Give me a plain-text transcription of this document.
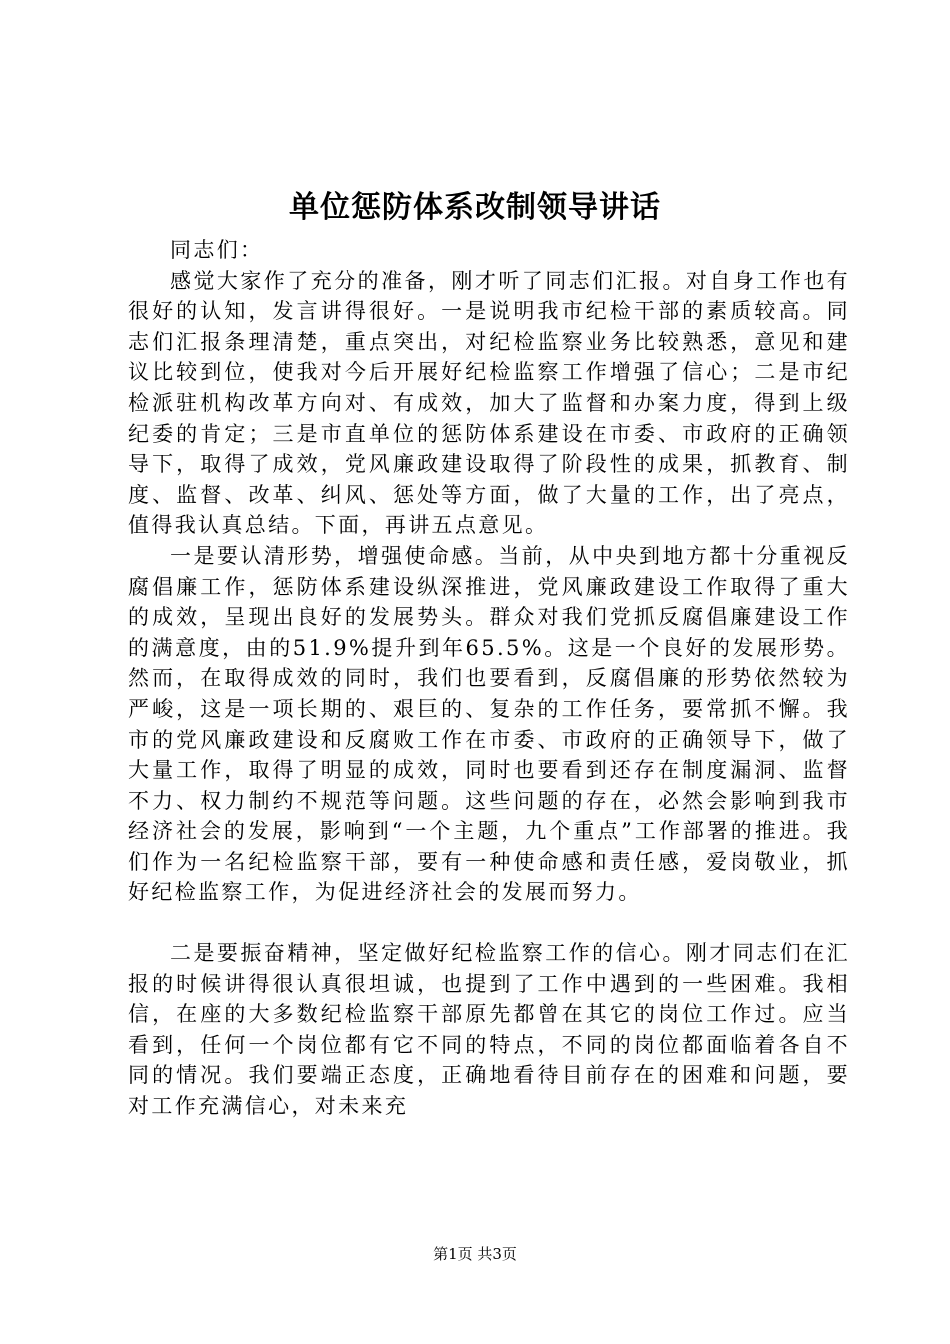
单位惩防体系改制领导讲话

同志们：

感觉大家作了充分的准备，刚才听了同志们汇报。对自身工作也有很好的认知，发言讲得很好。一是说明我市纪检干部的素质较高。同志们汇报条理清楚，重点突出，对纪检监察业务比较熟悉，意见和建议比较到位，使我对今后开展好纪检监察工作增强了信心；二是市纪检派驻机构改革方向对、有成效，加大了监督和办案力度，得到上级纪委的肯定；三是市直单位的惩防体系建设在市委、市政府的正确领导下，取得了成效，党风廉政建设取得了阶段性的成果，抓教育、制度、监督、改革、纠风、惩处等方面，做了大量的工作，出了亮点，值得我认真总结。下面，再讲五点意见。

一是要认清形势，增强使命感。当前，从中央到地方都十分重视反腐倡廉工作，惩防体系建设纵深推进，党风廉政建设工作取得了重大的成效，呈现出良好的发展势头。群众对我们党抓反腐倡廉建设工作的满意度，由的51.9%提升到年65.5%。这是一个良好的发展形势。然而，在取得成效的同时，我们也要看到，反腐倡廉的形势依然较为严峻，这是一项长期的、艰巨的、复杂的工作任务，要常抓不懈。我市的党风廉政建设和反腐败工作在市委、市政府的正确领导下，做了大量工作，取得了明显的成效，同时也要看到还存在制度漏洞、监督不力、权力制约不规范等问题。这些问题的存在，必然会影响到我市经济社会的发展，影响到“一个主题，九个重点”工作部署的推进。我们作为一名纪检监察干部，要有一种使命感和责任感，爱岗敬业，抓好纪检监察工作，为促进经济社会的发展而努力。

二是要振奋精神，坚定做好纪检监察工作的信心。刚才同志们在汇报的时候讲得很认真很坦诚，也提到了工作中遇到的一些困难。我相信，在座的大多数纪检监察干部原先都曾在其它的岗位工作过。应当看到，任何一个岗位都有它不同的特点，不同的岗位都面临着各自不同的情况。我们要端正态度，正确地看待目前存在的困难和问题，要对工作充满信心，对未来充

第1页 共3页
